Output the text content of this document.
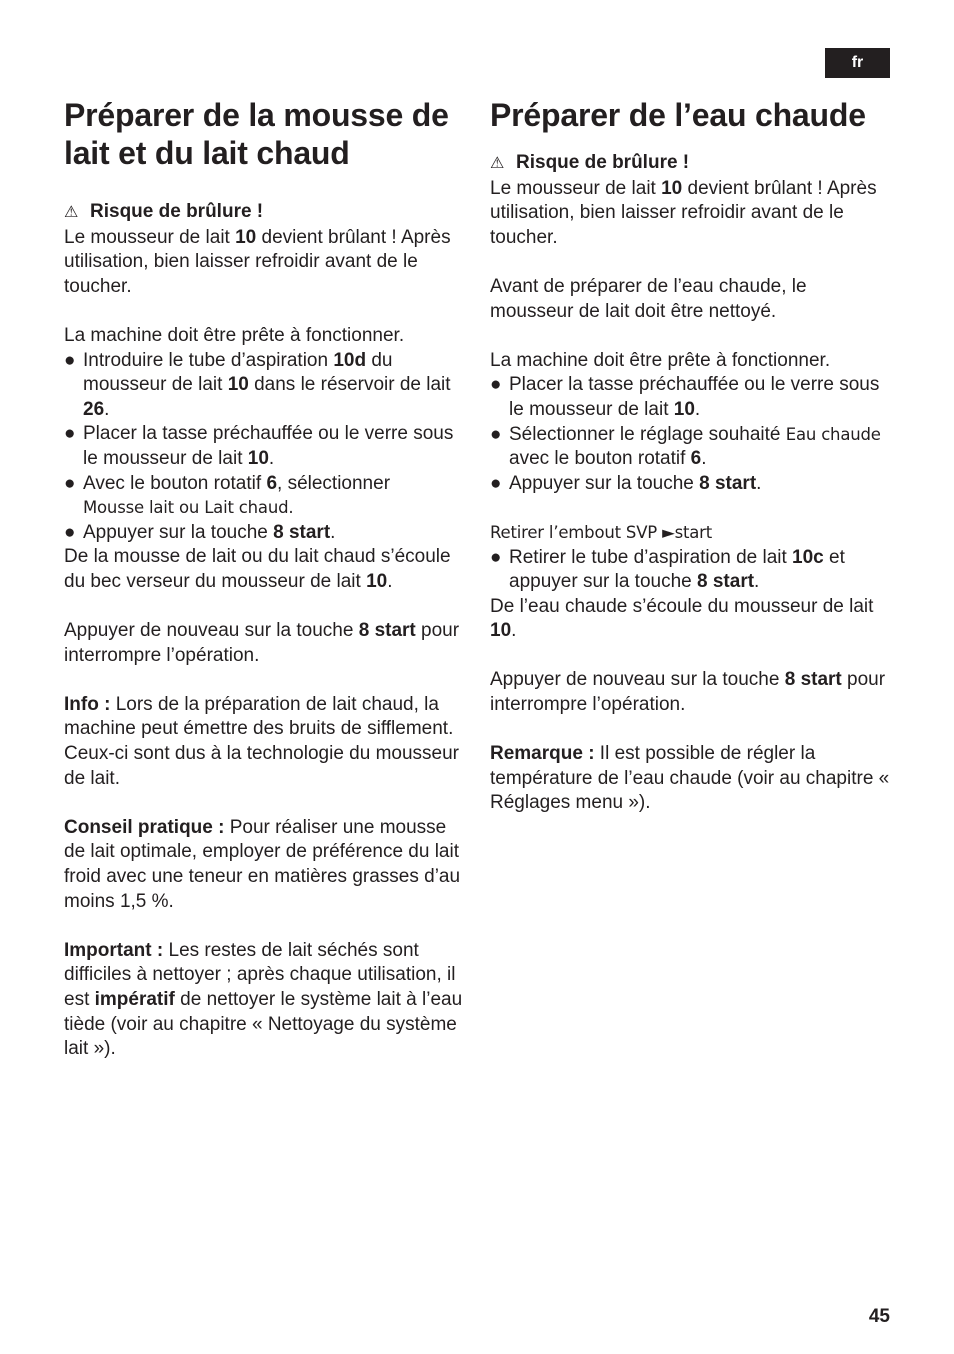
fr
Préparer de la mousse de lait et du lait chaud

⚠ Risque de brûlure !

Le mousseur de lait 10 devient brûlant ! Après utilisation, bien laisser refroidir avant de le toucher.

La machine doit être prête à fonctionner.

● Introduire le tube d’aspiration 10d du mousseur de lait 10 dans le réservoir de lait 26.
● Placer la tasse préchauffée ou le verre sous le mousseur de lait 10.
● Avec le bouton rotatif 6, sélectionner
Mousse lait ou Lait chaud.
● Appuyer sur la touche 8 start.

De la mousse de lait ou du lait chaud s’écoule du bec verseur du mousseur de lait 10.

Appuyer de nouveau sur la touche 8 start pour interrompre l’opération.

Info : Lors de la préparation de lait chaud, la machine peut émettre des bruits de sifflement. Ceux-ci sont dus à la technologie du mousseur de lait.

Conseil pratique : Pour réaliser une mousse de lait optimale, employer de préférence du lait froid avec une teneur en matières grasses d’au moins 1,5 %.

Important : Les restes de lait séchés sont difficiles à nettoyer ; après chaque utilisation, il est impératif de nettoyer le système lait à l’eau tiède (voir au chapitre « Nettoyage du système lait »).

Préparer de l’eau chaude

⚠ Risque de brûlure !

Le mousseur de lait 10 devient brûlant ! Après utilisation, bien laisser refroidir avant de le toucher.

Avant de préparer de l’eau chaude, le mousseur de lait doit être nettoyé.

La machine doit être prête à fonctionner.

● Placer la tasse préchauffée ou le verre sous le mousseur de lait 10.
● Sélectionner le réglage souhaité Eau chaude avec le bouton rotatif 6.
● Appuyer sur la touche 8 start.

Retirer l’embout SVP ►start

● Retirer le tube d’aspiration de lait 10c et appuyer sur la touche 8 start.

De l’eau chaude s’écoule du mousseur de lait 10.

Appuyer de nouveau sur la touche 8 start pour interrompre l’opération.

Remarque : Il est possible de régler la température de l’eau chaude (voir au chapitre « Réglages menu »).

45
